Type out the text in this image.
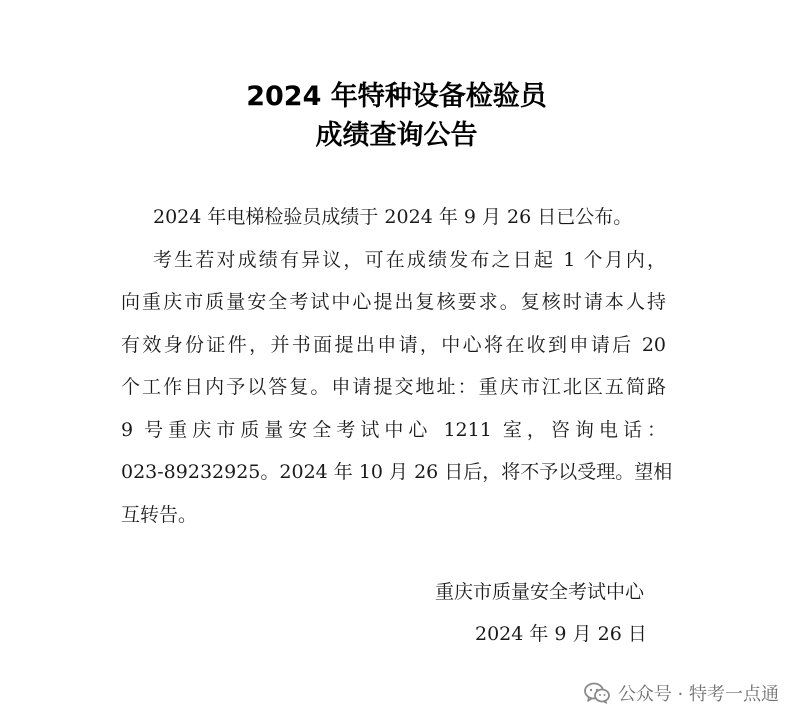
2024 年特种设备检验员
成绩查询公告
2024 年电梯检验员成绩于 2024 年 9 月 26 日已公布。
考生若对成绩有异议，可在成绩发布之日起 1 个月内，
向重庆市质量安全考试中心提出复核要求。复核时请本人持
有效身份证件，并书面提出申请，中心将在收到申请后 20
个工作日内予以答复。申请提交地址：重庆市江北区五简路
9 号重庆市质量安全考试中心 1211 室，咨询电话：
023-89232925。2024 年 10 月 26 日后，将不予以受理。望相
互转告。
重庆市质量安全考试中心
2024 年 9 月 26 日
公众号 · 特考一点通
